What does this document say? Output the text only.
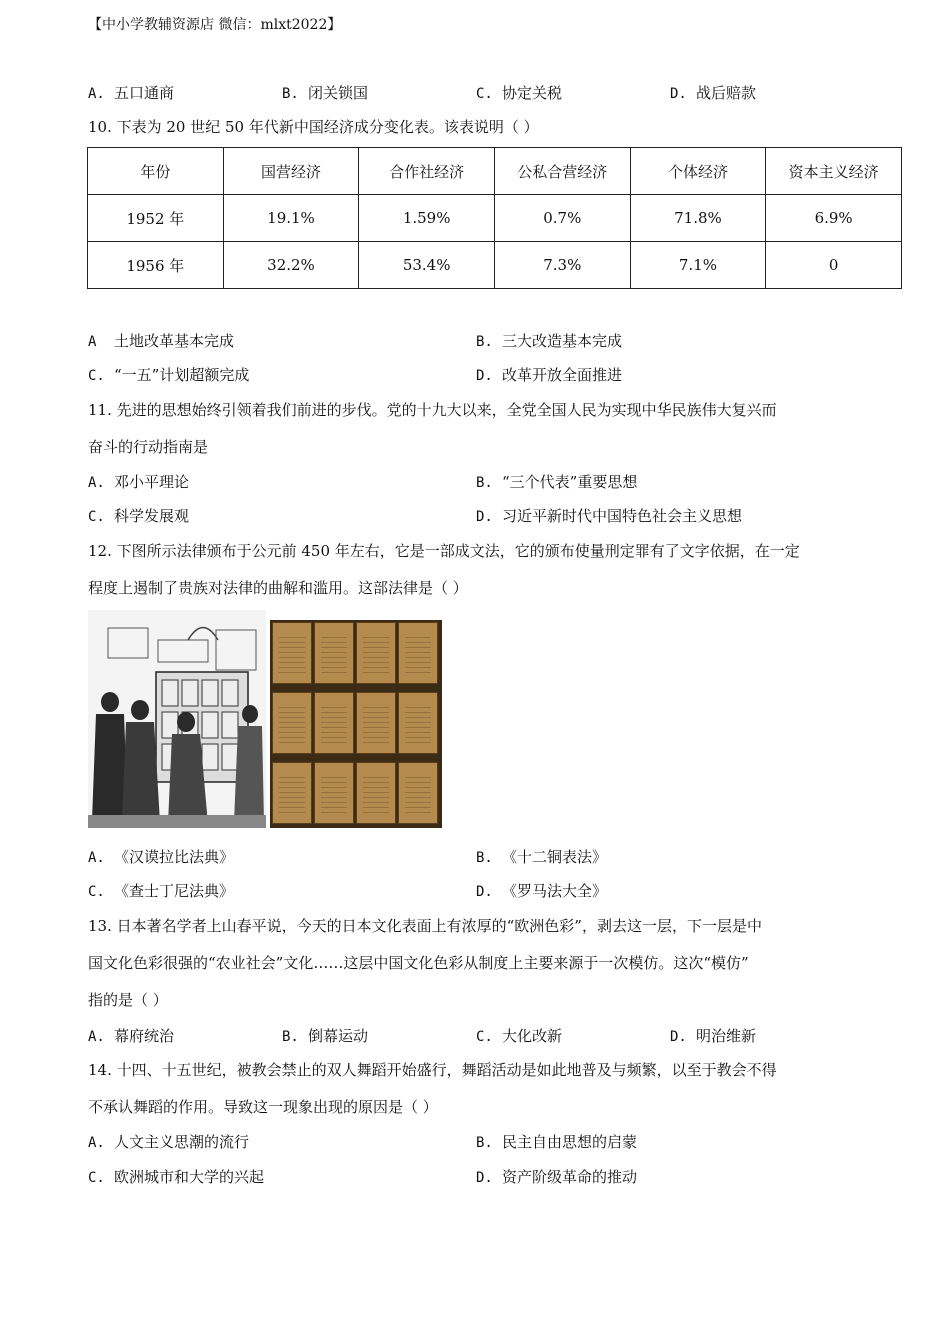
【中小学教辅资源店 微信：mlxt2022】
A. 五口通商	B. 闭关锁国	C. 协定关税	D. 战后赔款
10. 下表为 20 世纪 50 年代新中国经济成分变化表。该表说明（ ）
年份	国营经济	合作社经济	公私合营经济	个体经济	资本主义经济
1952 年	19.1%	1.59%	0.7%	71.8%	6.9%
1956 年	32.2%	53.4%	7.3%	7.1%	0
A 土地改革基本完成	B. 三大改造基本完成
C. “一五”计划超额完成	D. 改革开放全面推进
11. 先进的思想始终引领着我们前进的步伐。党的十九大以来，全党全国人民为实现中华民族伟大复兴而
奋斗的行动指南是
A. 邓小平理论	B. “三个代表”重要思想
C. 科学发展观	D. 习近平新时代中国特色社会主义思想
12. 下图所示法律颁布于公元前 450 年左右，它是一部成文法，它的颁布使量刑定罪有了文字依据，在一定
程度上遏制了贵族对法律的曲解和滥用。这部法律是（ ）
A. 《汉谟拉比法典》	B. 《十二铜表法》
C. 《查士丁尼法典》	D. 《罗马法大全》
13. 日本著名学者上山春平说，今天的日本文化表面上有浓厚的“欧洲色彩”，剥去这一层，下一层是中
国文化色彩很强的“农业社会”文化……这层中国文化色彩从制度上主要来源于一次模仿。这次“模仿”
指的是（ ）
A. 幕府统治	B. 倒幕运动	C. 大化改新	D. 明治维新
14. 十四、十五世纪，被教会禁止的双人舞蹈开始盛行，舞蹈活动是如此地普及与频繁，以至于教会不得
不承认舞蹈的作用。导致这一现象出现的原因是（ ）
A. 人文主义思潮的流行	B. 民主自由思想的启蒙
C. 欧洲城市和大学的兴起	D. 资产阶级革命的推动
